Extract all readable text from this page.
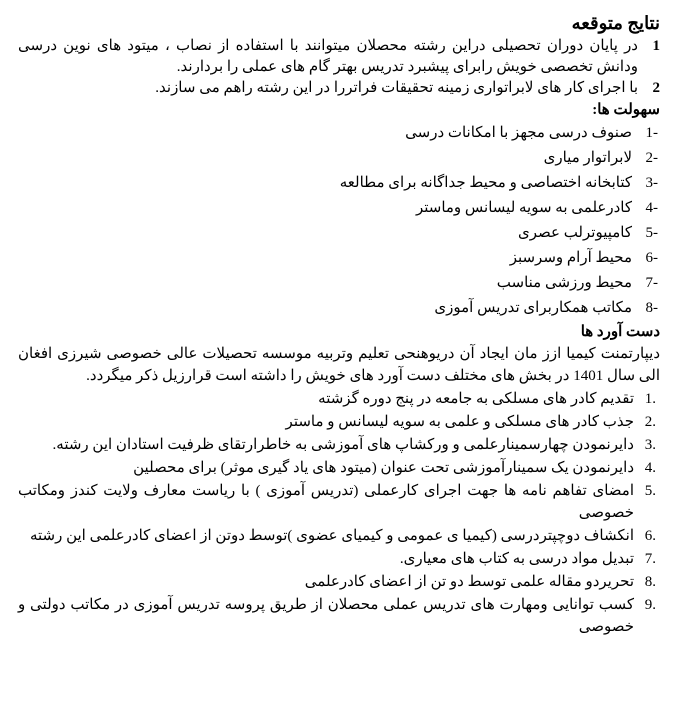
نتایج متوقعه
1
در پایان دوران تحصیلی دراین رشته محصلان میتوانند با استفاده از نصاب ، میتود های نوین درسی ودانش تخصصی خویش رابرای پیشبرد تدریس بهتر گام های عملی را بردارند.
2
با اجرای کار های لابراتواری زمینه تحقیقات فراتررا در این رشته راهم می سازند.
سهولت ها:
-1
صنوف درسی مجهز با امکانات درسی
-2
لابراتوار میاری
-3
کتابخانه اختصاصی و محیط جداگانه برای مطالعه
-4
کادرعلمی به سویه لیسانس وماستر
-5
کامپیوترلب عصری
-6
محیط آرام وسرسبز
-7
محیط ورزشی مناسب
-8
مکاتب همکاربرای تدریس آموزی
دست آورد ها

دیپارتمنت کیمیا ازز مان ایجاد آن دریوهنحی تعلیم وتربیه موسسه تحصیلات عالی خصوصی شیرزی افغان الی سال 1401 در بخش های مختلف دست آورد های خویش را داشته است قرارزیل ذکر میگردد.

.1
تقدیم کادر های مسلکی به جامعه در پنج دوره گزشته
.2
جذب کادر های مسلکی و علمی به سویه لیسانس و ماستر
.3
دایرنمودن چهارسمینارعلمی و ورکشاپ های آموزشی به خاطرارتقای ظرفیت استادان این رشته.
.4
دایرنمودن یک سمینارآموزشی تحت عنوان (میتود های یاد گیری موثر) برای محصلین
.5
امضای تفاهم نامه ها جهت اجرای کارعملی (تدریس آموزی ) با ریاست معارف ولایت کندز ومکاتب خصوصی
.6
انکشاف دوچپتردرسی (کیمیا ی عمومی و کیمیای عضوی )توسط دوتن از اعضای کادرعلمی این رشته
.7
تبدیل مواد درسی به کتاب های معیاری.
.8
تحریردو مقاله علمی توسط دو تن از اعضای کادرعلمی
.9
کسب توانایی ومهارت های تدریس عملی محصلان از طریق پروسه تدریس آموزی در مکاتب دولتی و خصوصی
